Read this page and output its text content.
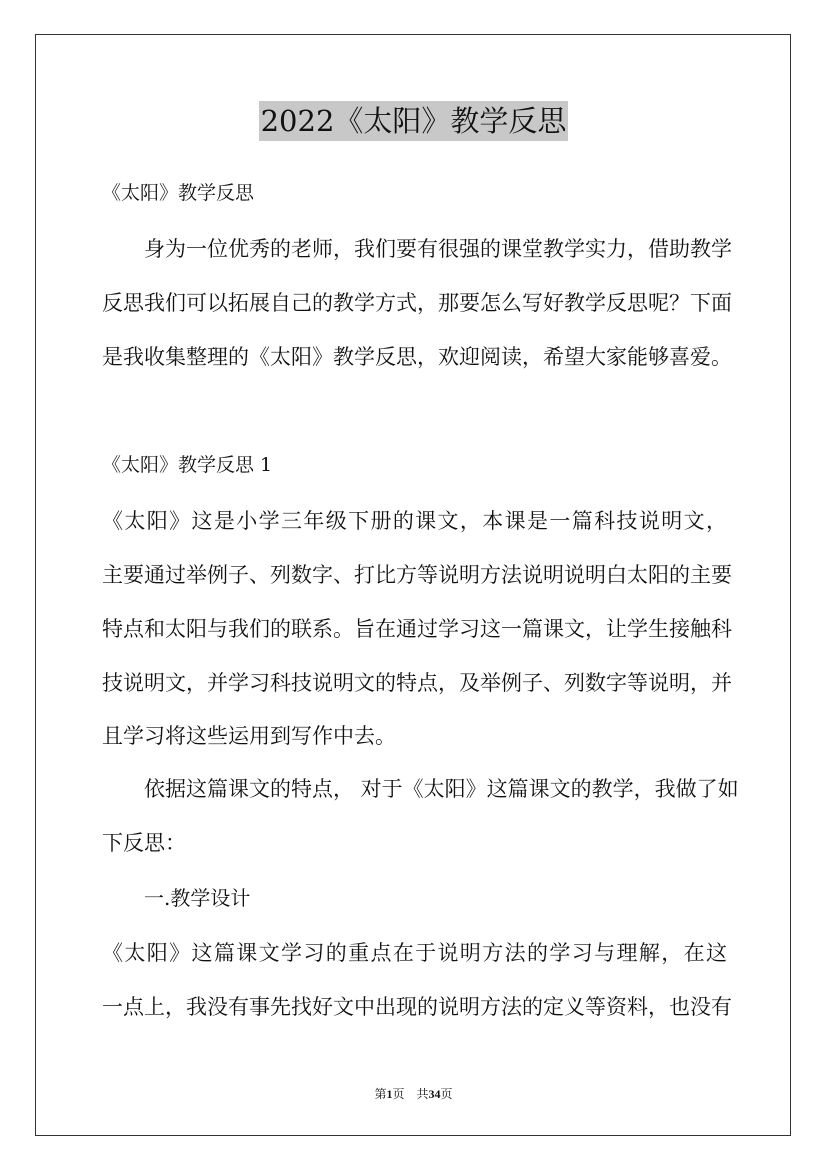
2022《太阳》教学反思
《太阳》教学反思
身为一位优秀的老师，我们要有很强的课堂教学实力，借助教学
反思我们可以拓展自己的教学方式，那要怎么写好教学反思呢？下面
是我收集整理的《太阳》教学反思，欢迎阅读，希望大家能够喜爱。
《太阳》教学反思 1
《太阳》这是小学三年级下册的课文，本课是一篇科技说明文，
主要通过举例子、列数字、打比方等说明方法说明说明白太阳的主要
特点和太阳与我们的联系。旨在通过学习这一篇课文，让学生接触科
技说明文，并学习科技说明文的特点，及举例子、列数字等说明，并
且学习将这些运用到写作中去。
依据这篇课文的特点， 对于《太阳》这篇课文的教学，我做了如
下反思：
一.教学设计
《太阳》这篇课文学习的重点在于说明方法的学习与理解，在这
一点上，我没有事先找好文中出现的说明方法的定义等资料，也没有
第1页　共34页
